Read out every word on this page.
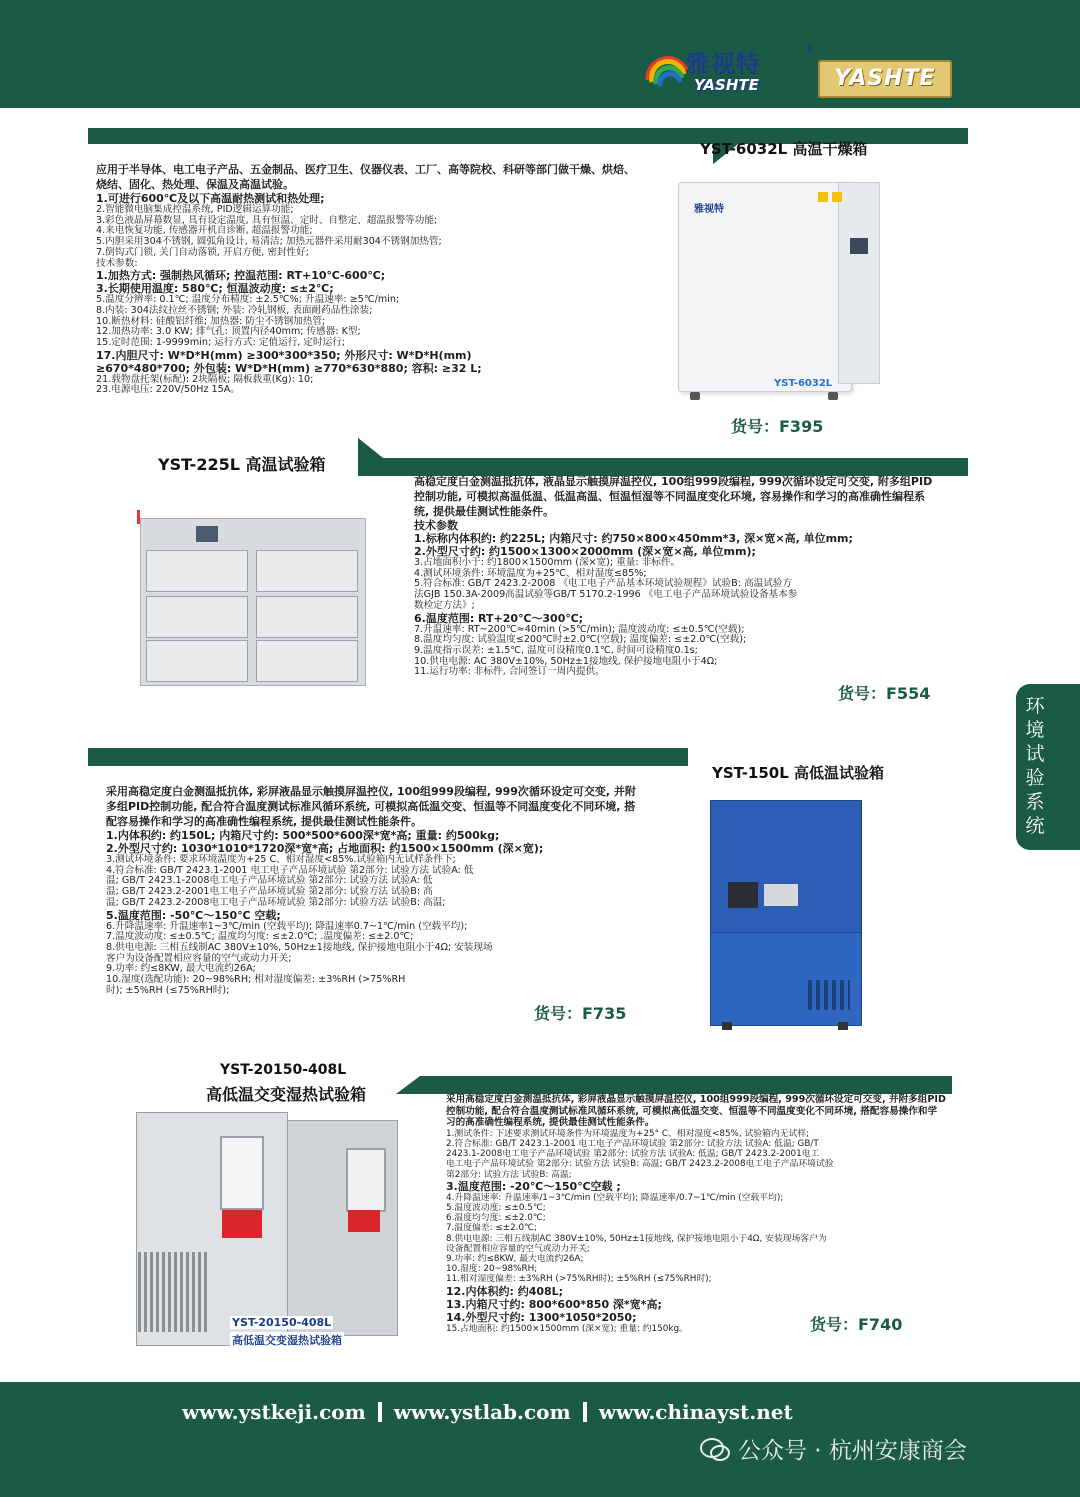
雅视特
YASHTE
®
YASHTE
YST-6032L 高温干燥箱
应用于半导体、电工电子产品、五金制品、医疗卫生、仪器仪表、工厂、高等院校、科研等部门做干燥、烘焙、烧结、固化、热处理、保温及高温试验。
1.可进行600℃及以下高温耐热测试和热处理;
2.智能微电脑集成控温系统, PID逻辑运算功能;
3.彩色液晶屏幕数显, 具有设定温度, 具有恒温、定时、自整定、超温报警等功能;
4.来电恢复功能, 传感器开机自诊断, 超温报警功能;
5.内胆采用304不锈钢, 圆弧角设计, 易清洁; 加热元器件采用耐304不锈钢加热管;
7.倒钩式门锁, 关门自动落锁, 开启方便, 密封性好;
技术参数:
1.加热方式: 强制热风循环; 控温范围: RT+10℃-600℃;
3.长期使用温度: 580℃; 恒温波动度: ≤±2℃;
5.温度分辨率: 0.1℃; 温度分布精度: ±2.5℃%; 升温速率: ≥5℃/min;
8.内装: 304法纹拉丝不锈钢; 外装: 冷轧钢板, 表面耐药品性涂装;
10.断热材料: 硅酸铝纤维; 加热器: 防尘不锈钢加热管;
12.加热功率: 3.0 KW; 排气孔: 顶置内径40mm; 传感器: K型;
15.定时范围: 1-9999min; 运行方式: 定值运行, 定时运行;
17.内胆尺寸: W*D*H(mm) ≥300*300*350; 外形尺寸: W*D*H(mm)
≥670*480*700; 外包装: W*D*H(mm) ≥770*630*880; 容积: ≥32 L;
21.载物盘托架(标配): 2块隔板; 隔板载重(Kg): 10;
23.电源电压: 220V/50Hz 15A。
雅视特
YST-6032L
货号：F395
YST-225L 高温试验箱
高稳定度白金测温抵抗体, 液晶显示触摸屏温控仪, 100组999段编程, 999次循环设定可交变, 附多组PID控制功能, 可模拟高温低温、低温高温、恒温恒湿等不同温度变化环境, 容易操作和学习的高准确性编程系统, 提供最佳测试性能条件。
技术参数
1.标称内体积约: 约225L; 内箱尺寸: 约750×800×450mm*3, 深×宽×高, 单位mm;
2.外型尺寸约: 约1500×1300×2000mm (深×宽×高, 单位mm);
3.占地面积小于: 约1800×1500mm (深×宽); 重量: 非标件。
4.测试环境条件: 环境温度为+25℃、相对湿度≤85%;
5.符合标准: GB/T 2423.2-2008 《电工电子产品基本环境试验规程》试验B: 高温试验方
法GJB 150.3A-2009高温试验等GB/T 5170.2-1996 《电工电子产品环境试验设备基本参
数检定方法》;
6.温度范围: RT+20℃～300℃;
7.升温速率: RT~200℃≈40min (>5℃/min); 温度波动度: ≤±0.5℃(空载);
8.温度均匀度: 试验温度≤200℃时±2.0℃(空载); 温度偏差: ≤±2.0℃(空载);
9.温度指示误差: ±1.5℃, 温度可设精度0.1℃, 时间可设精度0.1s;
10.供电电源: AC 380V±10%, 50Hz±1接地线, 保护接地电阻小于4Ω;
11.运行功率: 非标件, 合同签订一周内提供。
货号：F554
环境试验系统
YST-150L 高低温试验箱
采用高稳定度白金测温抵抗体, 彩屏液晶显示触摸屏温控仪, 100组999段编程, 999次循环设定可交变, 并附多组PID控制功能, 配合符合温度测试标准风循环系统, 可模拟高低温交变、恒温等不同温度变化不同环境, 搭配容易操作和学习的高准确性编程系统, 提供最佳测试性能条件。
1.内体积约: 约150L; 内箱尺寸约: 500*500*600深*宽*高; 重量: 约500kg;
2.外型尺寸约: 1030*1010*1720深*宽*高; 占地面积: 约1500×1500mm (深×宽);
3.测试环境条件: 要求环境温度为+25 C、相对湿度<85%.试验箱内无试样条件下;
4.符合标准: GB/T 2423.1-2001 电工电子产品环境试验 第2部分: 试验方法 试验A: 低
温; GB/T 2423.1-2008电工电子产品环境试验 第2部分: 试验方法 试验A: 低
温; GB/T 2423.2-2001电工电子产品环境试验 第2部分: 试验方法 试验B: 高
温; GB/T 2423.2-2008电工电子产品环境试验 第2部分: 试验方法 试验B: 高温;
5.温度范围: -50℃～150℃ 空载;
6.升降温速率: 升温速率1~3℃/min (空载平均); 降温速率0.7~1℃/min (空载平均);
7.温度波动度: ≤±0.5℃; 温度均匀度: ≤±2.0℃; .温度偏差: ≤±2.0℃;
8.供电电源: 三相五线制AC 380V±10%, 50Hz±1接地线, 保护接地电阻小于4Ω; 安装现场
客户为设备配置相应容量的空气或动力开关;
9.功率: 约≤8KW, 最大电流约26A;
10.湿度(选配功能): 20~98%RH; 相对湿度偏差: ±3%RH (>75%RH
时); ±5%RH (≤75%RH时);
货号：F735
YST-20150-408L
高低温交变湿热试验箱	采用高稳定度白金测温抵抗体, 彩屏液晶显示触摸屏温控仪, 100组999段编程, 999次循环设定可交变, 并附多组PID控制功能, 配合符合温度测试标准风循环系统, 可模拟高低温交变、恒温等不同温度变化不同环境, 搭配容易操作和学习的高准确性编程系统, 提供最佳测试性能条件。
1.测试条件: 下述要求测试环境条件为环境温度为+25° C、相对湿度<85%, 试验箱内无试样;
2.符合标准: GB/T 2423.1-2001 电工电子产品环境试验 第2部分: 试验方法 试验A: 低温; GB/T
2423.1-2008电工电子产品环境试验 第2部分: 试验方法 试验A: 低温; GB/T 2423.2-2001电工
电工电子产品环境试验 第2部分: 试验方法 试验B: 高温; GB/T 2423.2-2008电工电子产品环境试验
第2部分: 试验方法 试验B: 高温;
3.温度范围: -20℃～150℃空载 ;
4.升降温速率: 升温速率/1~3℃/min (空载平均); 降温速率/0.7~1℃/min (空载平均);
5.温度波动度: ≤±0.5℃;
6.温度均匀度: ≤±2.0℃;
7.温度偏差: ≤±2.0℃;
8.供电电源: 三相五线制AC 380V±10%, 50Hz±1接地线, 保护接地电阻小于4Ω, 安装现场客户为
设备配置相应容量的空气或动力开关;
9.功率: 约≤8KW, 最大电流约26A;
10.湿度: 20~98%RH;
11.相对湿度偏差: ±3%RH (>75%RH时); ±5%RH (≤75%RH时);
12.内体积约: 约408L;
13.内箱尺寸约: 800*600*850 深*宽*高;
14.外型尺寸约: 1300*1050*2050;
15.占地面积: 约1500×1500mm (深×宽); 重量: 约150kg。
YST-20150-408L
高低温交变湿热试验箱
货号：F740
www.ystkeji.com www.ystlab.com www.chinayst.net
公众号 · 杭州安康商会
